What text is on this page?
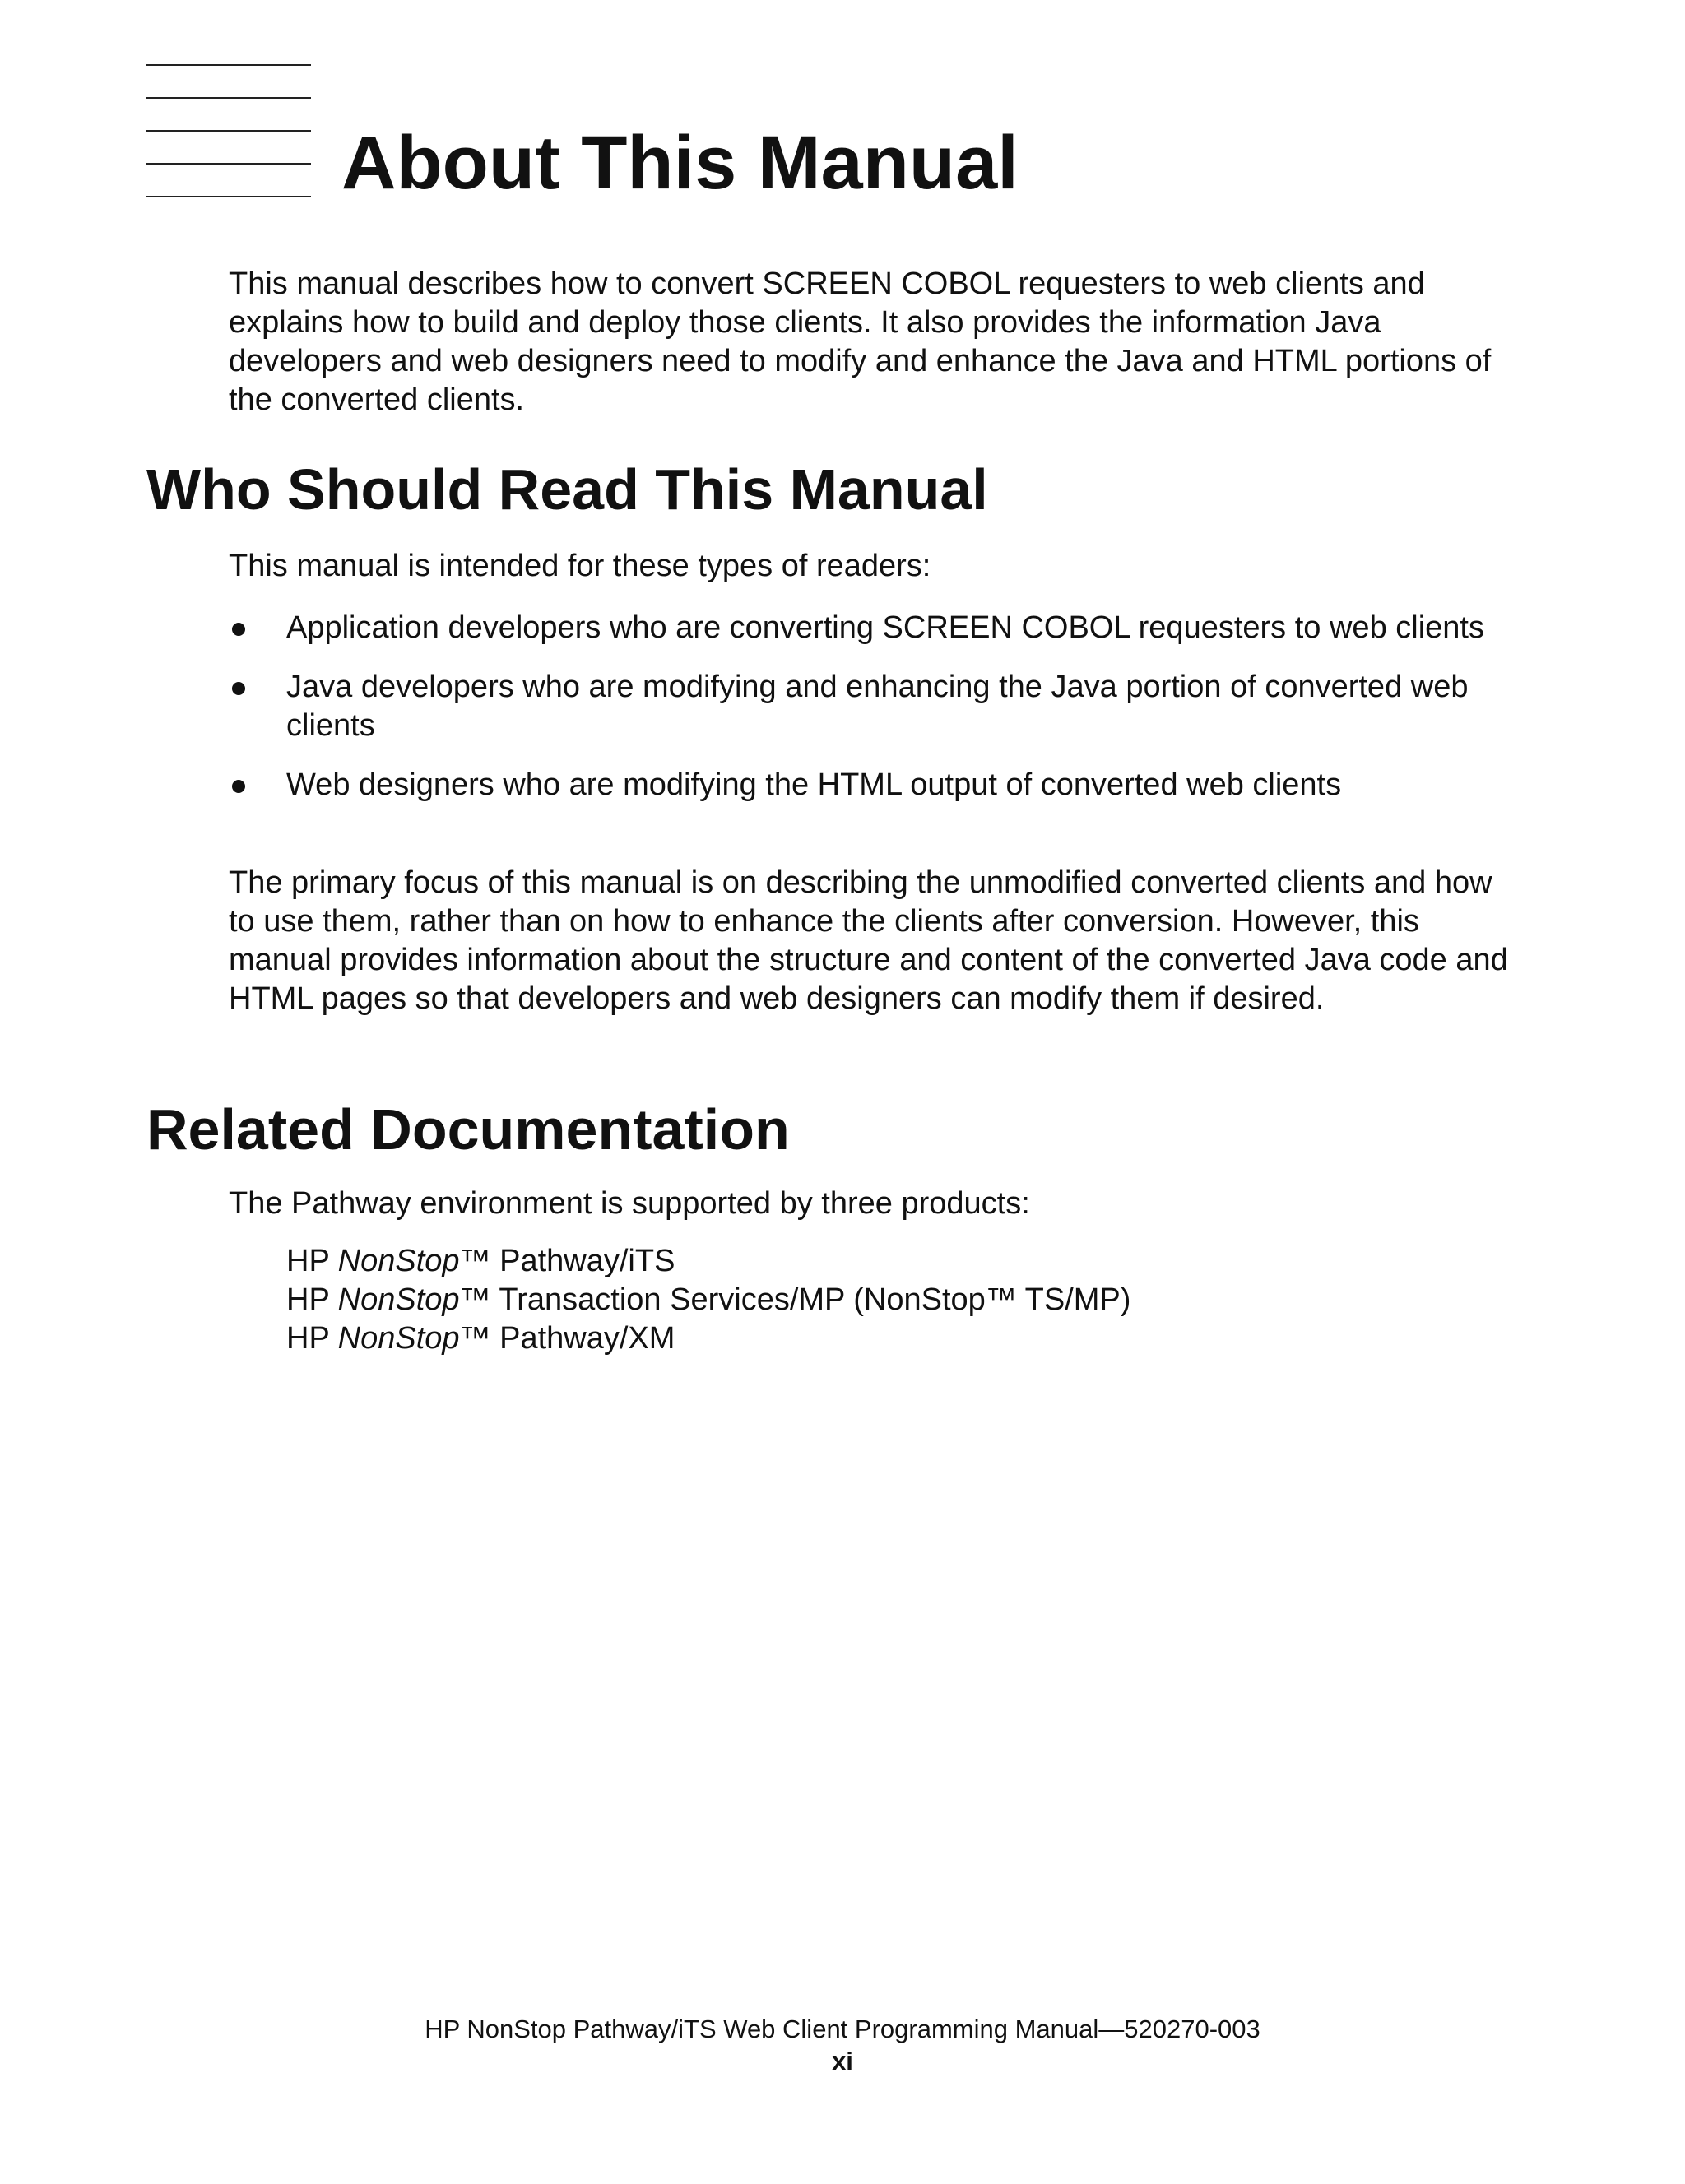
About This Manual

This manual describes how to convert SCREEN COBOL requesters to web clients and explains how to build and deploy those clients. It also provides the information Java developers and web designers need to modify and enhance the Java and HTML portions of the converted clients.

Who Should Read This Manual

This manual is intended for these types of readers:

Application developers who are converting SCREEN COBOL requesters to web clients
Java developers who are modifying and enhancing the Java portion of converted web clients
Web designers who are modifying the HTML output of converted web clients

The primary focus of this manual is on describing the unmodified converted clients and how to use them, rather than on how to enhance the clients after conversion. However, this manual provides information about the structure and content of the converted Java code and HTML pages so that developers and web designers can modify them if desired.

Related Documentation

The Pathway environment is supported by three products:

HP NonStop™ Pathway/iTS
HP NonStop™ Transaction Services/MP (NonStop™ TS/MP)
HP NonStop™ Pathway/XM
HP NonStop Pathway/iTS Web Client Programming Manual—520270-003
xi
